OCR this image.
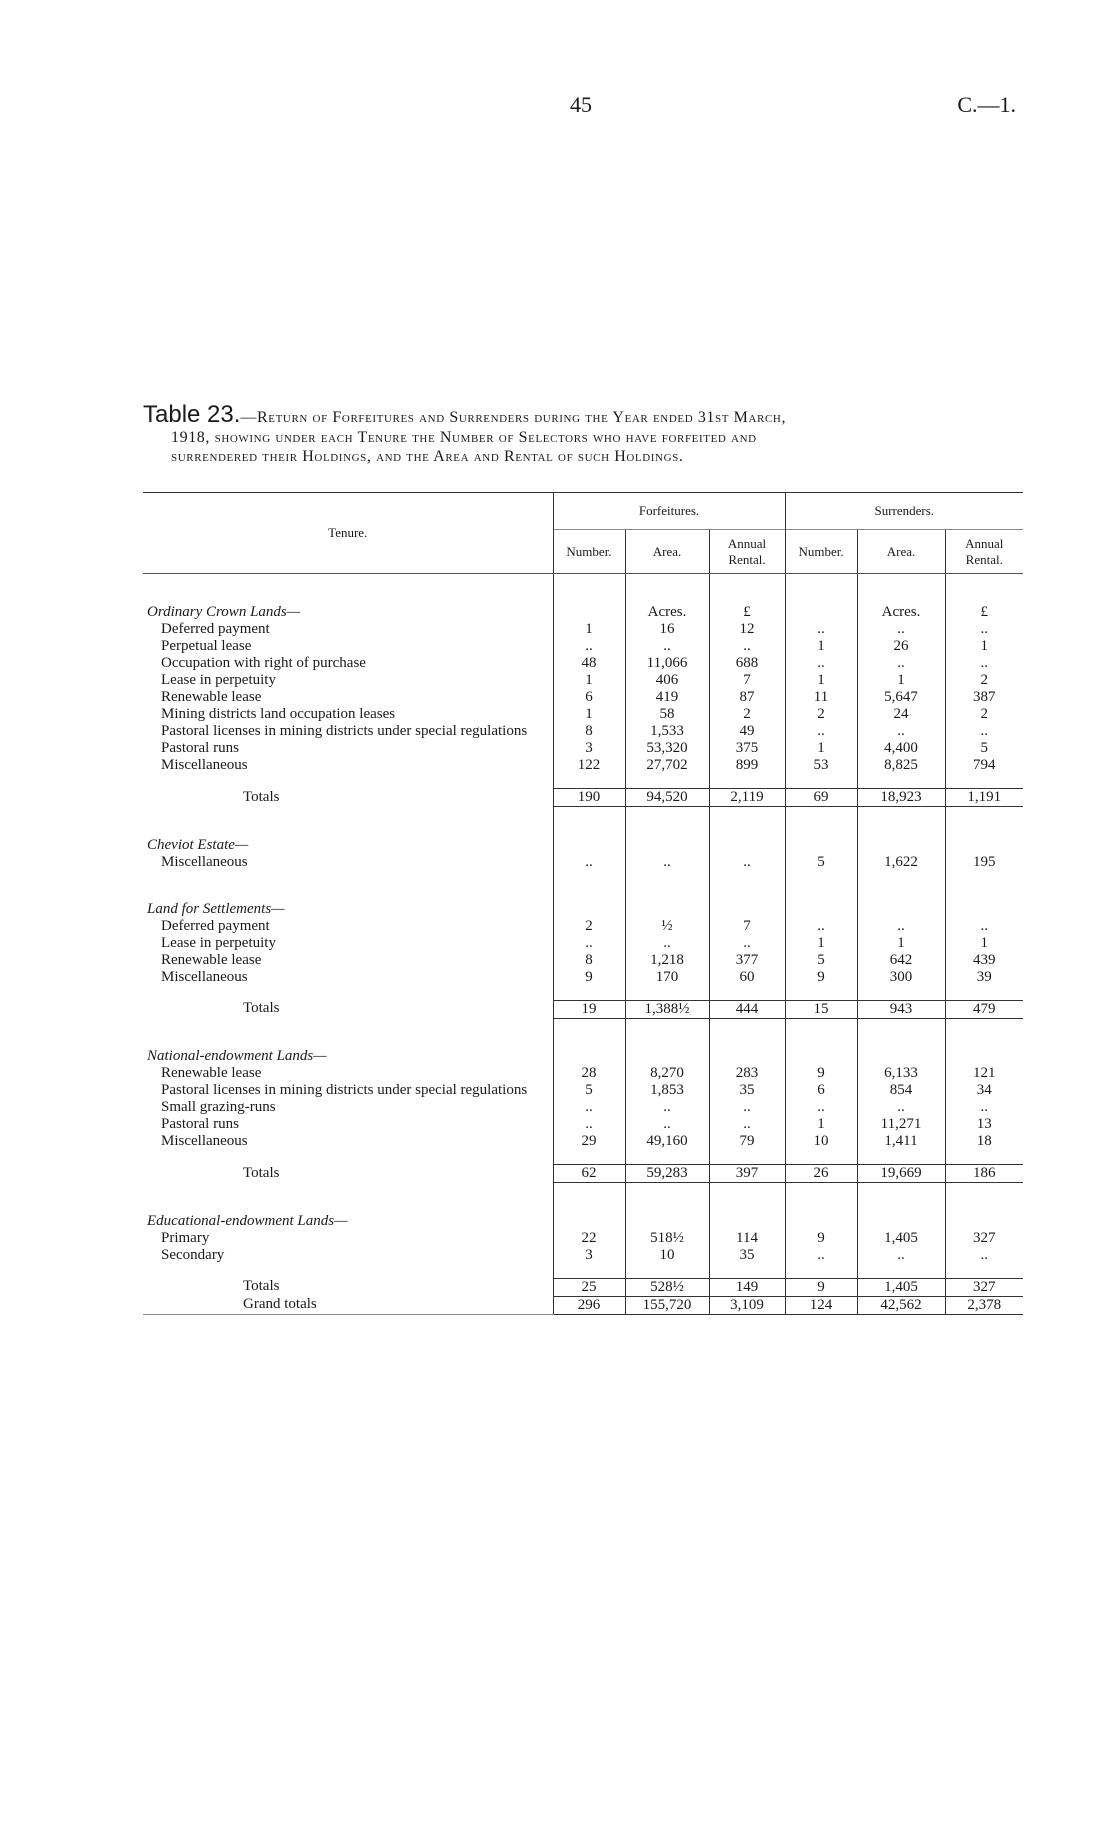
45	C.—1.
Table 23.—Return of Forfeitures and Surrenders during the Year ended 31st March,
1918, showing under each Tenure the Number of Selectors who have forfeited and
surrendered their Holdings, and the Area and Rental of such Holdings.
Tenure.	Forfeitures.			Surrenders.		
	Number.	Area.	Annual Rental.	Number.	Area.	Annual Rental.
Ordinary Crown Lands—		Acres.	£		Acres.	£
Deferred payment	1	16	12	..	..	..
Perpetual lease	..	..	..	1	26	1
Occupation with right of purchase	48	11,066	688	..	..	..
Lease in perpetuity	1	406	7	1	1	2
Renewable lease	6	419	87	11	5,647	387
Mining districts land occupation leases	1	58	2	2	24	2
Pastoral licenses in mining districts under special regulations	8	1,533	49	..	..	..
Pastoral runs	3	53,320	375	1	4,400	5
Miscellaneous	122	27,702	899	53	8,825	794

Totals	190	94,520	2,119	69	18,923	1,191
Cheviot Estate—						
Miscellaneous	..	..	..	5	1,622	195
Land for Settlements—						
Deferred payment	2	½	7	..	..	..
Lease in perpetuity	..	..	..	1	1	1
Renewable lease	8	1,218	377	5	642	439
Miscellaneous	9	170	60	9	300	39

Totals	19	1,388½	444	15	943	479
National-endowment Lands—						
Renewable lease	28	8,270	283	9	6,133	121
Pastoral licenses in mining districts under special regulations	5	1,853	35	6	854	34
Small grazing-runs	..	..	..	..	..	..
Pastoral runs	..	..	..	1	11,271	13
Miscellaneous	29	49,160	79	10	1,411	18

Totals	62	59,283	397	26	19,669	186
Educational-endowment Lands—						
Primary	22	518½	114	9	1,405	327
Secondary	3	10	35	..	..	..

Totals	25	528½	149	9	1,405	327
Grand totals	296	155,720	3,109	124	42,562	2,378
